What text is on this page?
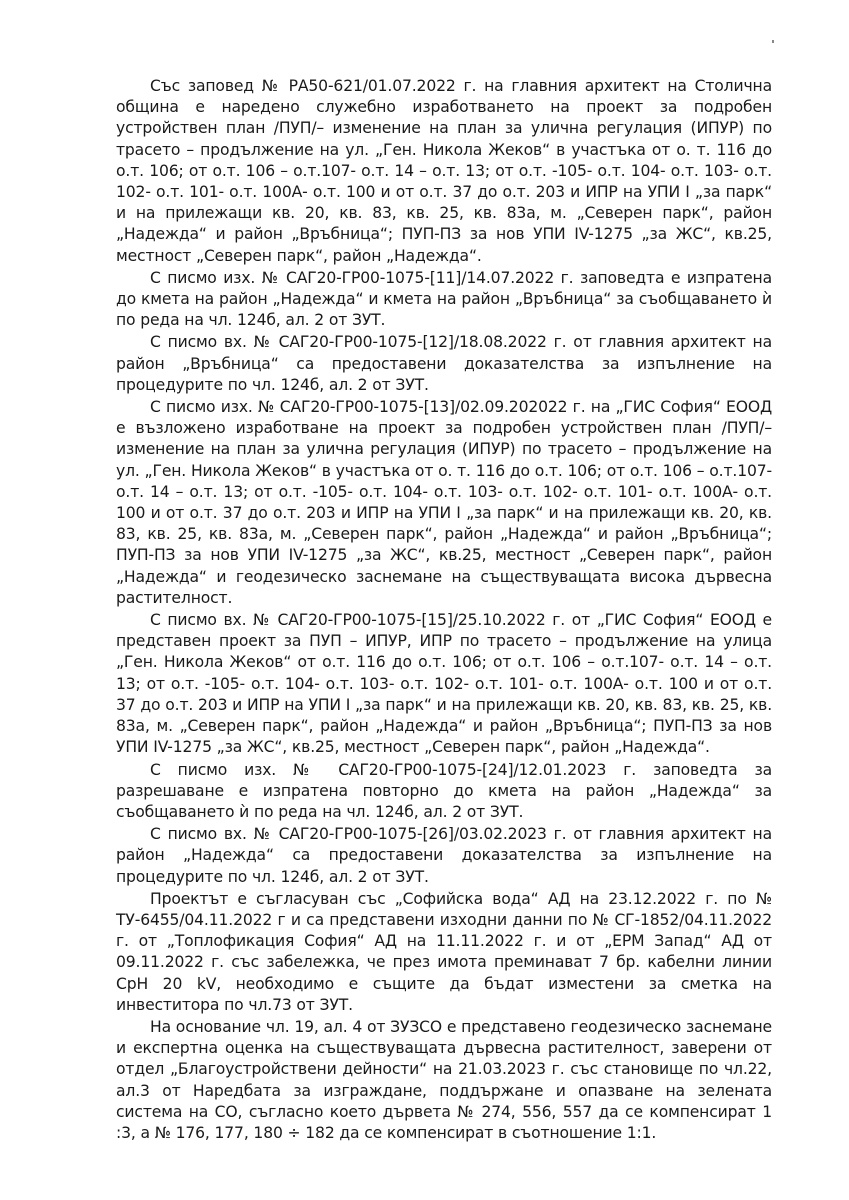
Със заповед № РА50-621/01.07.2022 г. на главния архитект на Столична община е наредено служебно изработването на проект за подробен устройствен план /ПУП/– изменение на план за улична регулация (ИПУР) по трасето – продължение на ул. „Ген. Никола Жеков“ в участъка от о. т. 116 до о.т. 106; от о.т. 106 – о.т.107- о.т. 14 – о.т. 13; от о.т. -105- о.т. 104- о.т. 103- о.т. 102- о.т. 101- о.т. 100А- о.т. 100 и от о.т. 37 до о.т. 203 и ИПР на УПИ I „за парк“ и на прилежащи кв. 20, кв. 83, кв. 25, кв. 83а, м. „Северен парк“, район „Надежда“ и район „Връбница“; ПУП-ПЗ за нов УПИ IV-1275 „за ЖС“, кв.25, местност „Северен парк“, район „Надежда“.

С писмо изх. № САГ20-ГР00-1075-[11]/14.07.2022 г. заповедта е изпратена до кмета на район „Надежда“ и кмета на район „Връбница“ за съобщаването ѝ по реда на чл. 124б, ал. 2 от ЗУТ.

С писмо вх. № САГ20-ГР00-1075-[12]/18.08.2022 г. от главния архитект на район „Връбница“ са предоставени доказателства за изпълнение на процедурите по чл. 124б, ал. 2 от ЗУТ.

С писмо изх. № САГ20-ГР00-1075-[13]/02.09.202022 г. на „ГИС София“ ЕООД е възложено изработване на проект за подробен устройствен план /ПУП/– изменение на план за улична регулация (ИПУР) по трасето – продължение на ул. „Ген. Никола Жеков“ в участъка от о. т. 116 до о.т. 106; от о.т. 106 – о.т.107- о.т. 14 – о.т. 13; от о.т. -105- о.т. 104- о.т. 103- о.т. 102- о.т. 101- о.т. 100А- о.т. 100 и от о.т. 37 до о.т. 203 и ИПР на УПИ I „за парк“ и на прилежащи кв. 20, кв. 83, кв. 25, кв. 83а, м. „Северен парк“, район „Надежда“ и район „Връбница“; ПУП-ПЗ за нов УПИ IV-1275 „за ЖС“, кв.25, местност „Северен парк“, район „Надежда“ и геодезическо заснемане на съществуващата висока дървесна растителност.

С писмо вх. № САГ20-ГР00-1075-[15]/25.10.2022 г. от „ГИС София“ ЕООД е представен проект за ПУП – ИПУР, ИПР по трасето – продължение на улица „Ген. Никола Жеков“ от о.т. 116 до о.т. 106; от о.т. 106 – о.т.107- о.т. 14 – о.т. 13; от о.т. -105- о.т. 104- о.т. 103- о.т. 102- о.т. 101- о.т. 100А- о.т. 100 и от о.т. 37 до о.т. 203 и ИПР на УПИ I „за парк“ и на прилежащи кв. 20, кв. 83, кв. 25, кв. 83а, м. „Северен парк“, район „Надежда“ и район „Връбница“; ПУП-ПЗ за нов УПИ IV-1275 „за ЖС“, кв.25, местност „Северен парк“, район „Надежда“.

С писмо изх. № САГ20-ГР00-1075-[24]/12.01.2023 г. заповедта за разрешаване е изпратена повторно до кмета на район „Надежда“ за съобщаването ѝ по реда на чл. 124б, ал. 2 от ЗУТ.

С писмо вх. № САГ20-ГР00-1075-[26]/03.02.2023 г. от главния архитект на район „Надежда“ са предоставени доказателства за изпълнение на процедурите по чл. 124б, ал. 2 от ЗУТ.

Проектът е съгласуван със „Софийска вода“ АД на 23.12.2022 г. по № ТУ-6455/04.11.2022 г и са представени изходни данни по № СГ-1852/04.11.2022 г. от „Топлофикация София“ АД на 11.11.2022 г. и от „ЕРМ Запад“ АД от 09.11.2022 г. със забележка, че през имота преминават 7 бр. кабелни линии СрН 20 kV, необходимо е същите да бъдат изместени за сметка на инвеститора по чл.73 от ЗУТ.

На основание чл. 19, ал. 4 от ЗУЗСО е представено геодезическо заснемане и експертна оценка на съществуващата дървесна растителност, заверени от отдел „Благоустройствени дейности“ на 21.03.2023 г. със становище по чл.22, ал.3 от Наредбата за изграждане, поддържане и опазване на зелената система на СО, съгласно което дървета № 274, 556, 557 да се компенсират 1 :3, а № 176, 177, 180 ÷ 182 да се компенсират в съотношение 1:1.
